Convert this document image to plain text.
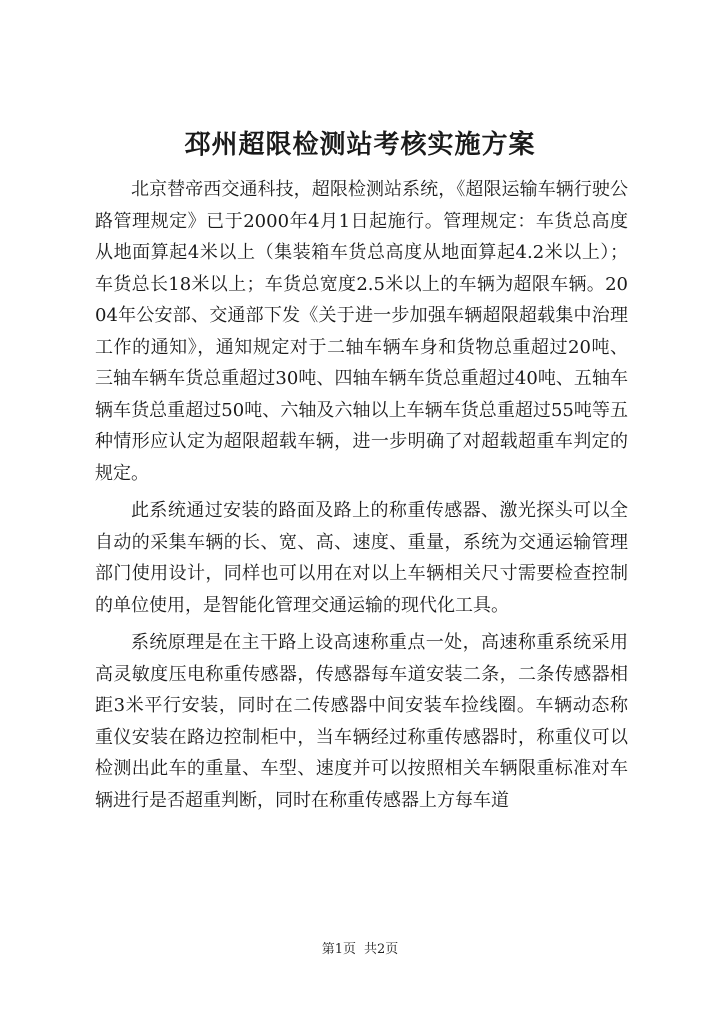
邳州超限检测站考核实施方案

北京替帝西交通科技，超限检测站系统，《超限运输车辆行驶公路管理规定》已于2000年4月1日起施行。管理规定：车货总高度从地面算起4米以上（集装箱车货总高度从地面算起4.2米以上）；车货总长18米以上；车货总宽度2.5米以上的车辆为超限车辆。2004年公安部、交通部下发《关于进一步加强车辆超限超载集中治理工作的通知》，通知规定对于二轴车辆车身和货物总重超过20吨、三轴车辆车货总重超过30吨、四轴车辆车货总重超过40吨、五轴车辆车货总重超过50吨、六轴及六轴以上车辆车货总重超过55吨等五种情形应认定为超限超载车辆，进一步明确了对超载超重车判定的规定。

此系统通过安装的路面及路上的称重传感器、激光探头可以全自动的采集车辆的长、宽、高、速度、重量，系统为交通运输管理部门使用设计，同样也可以用在对以上车辆相关尺寸需要检查控制的单位使用，是智能化管理交通运输的现代化工具。

系统原理是在主干路上设高速称重点一处，高速称重系统采用高灵敏度压电称重传感器，传感器每车道安装二条，二条传感器相距3米平行安装，同时在二传感器中间安装车捡线圈。车辆动态称重仪安装在路边控制柜中，当车辆经过称重传感器时，称重仪可以检测出此车的重量、车型、速度并可以按照相关车辆限重标准对车辆进行是否超重判断，同时在称重传感器上方每车道

第1页 共2页
